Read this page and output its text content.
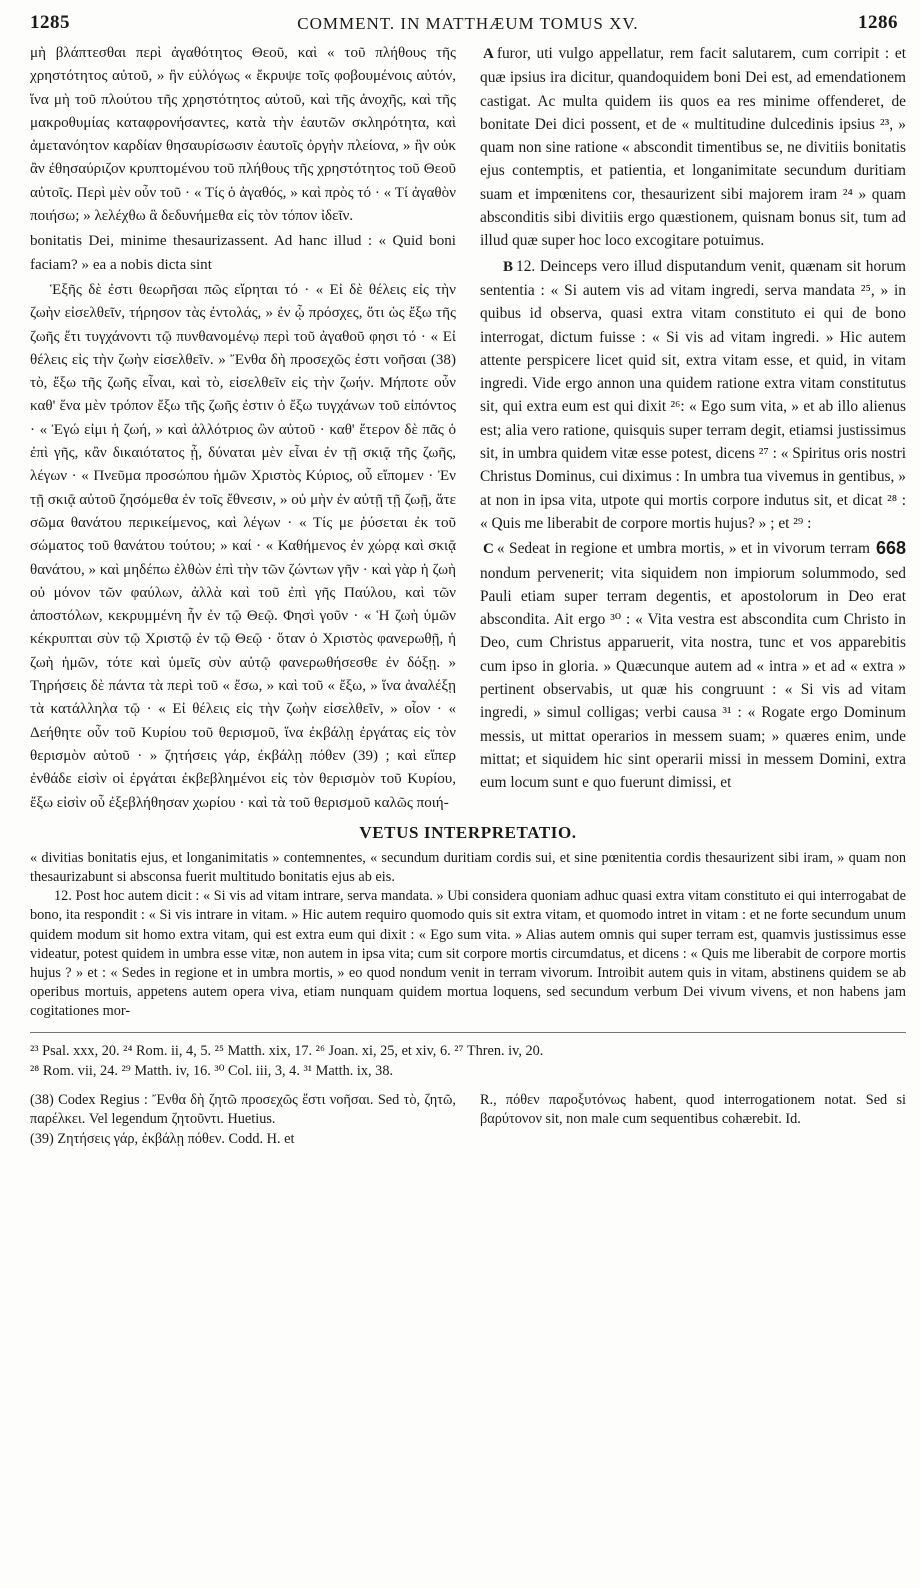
1285	COMMENT. IN MATTHÆUM TOMUS XV.	1286

μὴ βλάπτεσθαι περὶ ἀγαθότητος Θεοῦ, καὶ « τοῦ πλήθους τῆς χρηστότητος αὐτοῦ, » ἣν εὐλόγως « ἔκρυψε τοῖς φοβουμένοις αὐτόν, ἵνα μὴ τοῦ πλούτου τῆς χρηστότητος αὐτοῦ, καὶ τῆς ἀνοχῆς, καὶ τῆς μακροθυμίας καταφρονήσαντες, κατὰ τὴν ἑαυτῶν σκληρότητα, καὶ ἀμετανόητον καρδίαν θησαυρίσωσιν ἑαυτοῖς ὀργὴν πλείονα, » ἣν οὐκ ἂν ἐθησαύριζον κρυπτομένου τοῦ πλήθους τῆς χρηστότητος τοῦ Θεοῦ αὐτοῖς. Περὶ μὲν οὖν τοῦ · « Τίς ὁ ἀγαθός, » καὶ πρὸς τό · « Τί ἀγαθὸν ποιήσω; » λελέχθω ἃ δεδυνήμεθα εἰς τὸν τόπον ἰδεῖν.

bonitatis Dei, minime thesaurizassent. Ad hanc illud : « Quid boni faciam? » ea a nobis dicta sint

Ἑξῆς δὲ ἐστι θεωρῆσαι πῶς εἴρηται τό · « Εἰ δὲ θέλεις εἰς τὴν ζωὴν εἰσελθεῖν, τήρησον τὰς ἐντολάς, » ἐν ᾧ πρόσχες, ὅτι ὡς ἔξω τῆς ζωῆς ἔτι τυγχάνοντι τῷ πυνθανομένῳ περὶ τοῦ ἀγαθοῦ φησι τό · « Εἰ θέλεις εἰς τὴν ζωὴν εἰσελθεῖν. » Ἔνθα δὴ προσεχῶς ἐστι νοῆσαι (38) τὸ, ἔξω τῆς ζωῆς εἶναι, καὶ τὸ, εἰσελθεῖν εἰς τὴν ζωήν. Μήποτε οὖν καθ' ἕνα μὲν τρόπον ἔξω τῆς ζωῆς ἐστιν ὁ ἔξω τυγχάνων τοῦ εἰπόντος · « Ἐγώ εἰμι ἡ ζωή, » καὶ ἀλλότριος ὢν αὐτοῦ · καθ' ἕτερον δὲ πᾶς ὁ ἐπὶ γῆς, κἂν δικαιότατος ᾖ, δύναται μὲν εἶναι ἐν τῇ σκιᾷ τῆς ζωῆς, λέγων · « Πνεῦμα προσώπου ἡμῶν Χριστὸς Κύριος, οὗ εἴπομεν · Ἐν τῇ σκιᾷ αὐτοῦ ζησόμεθα ἐν τοῖς ἔθνεσιν, » οὐ μὴν ἐν αὐτῇ τῇ ζωῇ, ἅτε σῶμα θανάτου περικείμενος, καὶ λέγων · « Τίς με ῥύσεται ἐκ τοῦ σώματος τοῦ θανάτου τούτου; » καί · « Καθήμενος ἐν χώρᾳ καὶ σκιᾷ θανάτου, » καὶ μηδέπω ἐλθὼν ἐπὶ τὴν τῶν ζώντων γῆν · καὶ γὰρ ἡ ζωὴ οὐ μόνον τῶν φαύλων, ἀλλὰ καὶ τοῦ ἐπὶ γῆς Παύλου, καὶ τῶν ἀποστόλων, κεκρυμμένη ἦν ἐν τῷ Θεῷ. Φησὶ γοῦν · « Ἡ ζωὴ ὑμῶν κέκρυπται σὺν τῷ Χριστῷ ἐν τῷ Θεῷ · ὅταν ὁ Χριστὸς φανερωθῇ, ἡ ζωὴ ἡμῶν, τότε καὶ ὑμεῖς σὺν αὐτῷ φανερωθήσεσθε ἐν δόξῃ. » Τηρήσεις δὲ πάντα τὰ περὶ τοῦ « ἔσω, » καὶ τοῦ « ἔξω, » ἵνα ἀναλέξῃ τὰ κατάλληλα τῷ · « Εἰ θέλεις εἰς τὴν ζωὴν εἰσελθεῖν, » οἷον · « Δεήθητε οὖν τοῦ Κυρίου τοῦ θερισμοῦ, ἵνα ἐκβάλῃ ἐργάτας εἰς τὸν θερισμὸν αὐτοῦ · » ζητήσεις γάρ, ἐκβάλῃ πόθεν (39) ; καὶ εἴπερ ἐνθάδε εἰσὶν οἱ ἐργάται ἐκβεβλημένοι εἰς τὸν θερισμὸν τοῦ Κυρίου, ἔξω εἰσὶν οὗ ἐξεβλήθησαν χωρίου · καὶ τὰ τοῦ θερισμοῦ καλῶς ποιή-

A furor, uti vulgo appellatur, rem facit salutarem, cum corripit : et quæ ipsius ira dicitur, quandoquidem boni Dei est, ad emendationem castigat. Ac multa quidem iis quos ea res minime offenderet, de bonitate Dei dici possent, et de « multitudine dulcedinis ipsius ²³, » quam non sine ratione « abscondit timentibus se, ne divitiis bonitatis ejus contemptis, et patientia, et longanimitate secundum duritiam suam et impœnitens cor, thesaurizent sibi majorem iram ²⁴ » quam absconditis sibi divitiis ergo quæstionem, quisnam bonus sit, tum ad illud quæ super hoc loco excogitare potuimus.

B 12. Deinceps vero illud disputandum venit, quænam sit horum sententia : « Si autem vis ad vitam ingredi, serva mandata ²⁵, » in quibus id observa, quasi extra vitam constituto ei qui de bono interrogat, dictum fuisse : « Si vis ad vitam ingredi. » Hic autem attente perspicere licet quid sit, extra vitam esse, et quid, in vitam ingredi. Vide ergo annon una quidem ratione extra vitam constitutus sit, qui extra eum est qui dixit ²⁶: « Ego sum vita, » et ab illo alienus est; alia vero ratione, quisquis super terram degit, etiamsi justissimus sit, in umbra quidem vitæ esse potest, dicens ²⁷ : « Spiritus oris nostri Christus Dominus, cui diximus : In umbra tua vivemus in gentibus, » at non in ipsa vita, utpote qui mortis corpore indutus sit, et dicat ²⁸ : « Quis me liberabit de corpore mortis hujus? » ; et ²⁹ :

C	668
« Sedeat in regione et umbra mortis, » et in vivorum terram nondum pervenerit; vita siquidem non impiorum solummodo, sed Pauli etiam super terram degentis, et apostolorum in Deo erat abscondita. Ait ergo ³⁰ : « Vita vestra est abscondita cum Christo in Deo, cum Christus apparuerit, vita nostra, tunc et vos apparebitis cum ipso in gloria. » Quæcunque autem ad « intra » et ad « extra » pertinent observabis, ut quæ his congruunt : « Si vis ad vitam ingredi, » simul colligas; verbi causa ³¹ : « Rogate ergo Dominum messis, ut mittat operarios in messem suam; » quæres enim, unde mittat; et siquidem hic sint operarii missi in messem Domini, extra eum locum sunt e quo fuerunt dimissi, et

VETUS INTERPRETATIO.

« divitias bonitatis ejus, et longanimitatis » contemnentes, « secundum duritiam cordis sui, et sine pœnitentia cordis thesaurizent sibi iram, » quam non thesaurizabunt si absconsa fuerit multitudo bonitatis ejus ab eis.

12. Post hoc autem dicit : « Si vis ad vitam intrare, serva mandata. » Ubi considera quoniam adhuc quasi extra vitam constituto ei qui interrogabat de bono, ita respondit : « Si vis intrare in vitam. » Hic autem requiro quomodo quis sit extra vitam, et quomodo intret in vitam : et ne forte secundum unum quidem modum sit homo extra vitam, qui est extra eum qui dixit : « Ego sum vita. » Alias autem omnis qui super terram est, quamvis justissimus esse videatur, potest quidem in umbra esse vitæ, non autem in ipsa vita; cum sit corpore mortis circumdatus, et dicens : « Quis me liberabit de corpore mortis hujus ? » et : « Sedes in regione et in umbra mortis, » eo quod nondum venit in terram vivorum. Introibit autem quis in vitam, abstinens quidem se ab operibus mortuis, appetens autem opera viva, etiam nunquam quidem mortua loquens, sed secundum verbum Dei vivum vivens, et non habens jam cogitationes mor-

²³ Psal. xxx, 20. ²⁴ Rom. ii, 4, 5. ²⁵ Matth. xix, 17. ²⁶ Joan. xi, 25, et xiv, 6. ²⁷ Thren. iv, 20.
²⁸ Rom. vii, 24. ²⁹ Matth. iv, 16. ³⁰ Col. iii, 3, 4. ³¹ Matth. ix, 38.

(38) Codex Regius : Ἔνθα δὴ ζητῶ προσεχῶς ἔστι νοῆσαι. Sed τὸ, ζητῶ, παρέλκει. Vel legendum ζητοῦντι. Huetius.

(39) Ζητήσεις γάρ, ἐκβάλῃ πόθεν. Codd. H. et

R., πόθεν παροξυτόνως habent, quod interrogationem notat. Sed si βαρύτονον sit, non male cum sequentibus cohærebit. Id.
